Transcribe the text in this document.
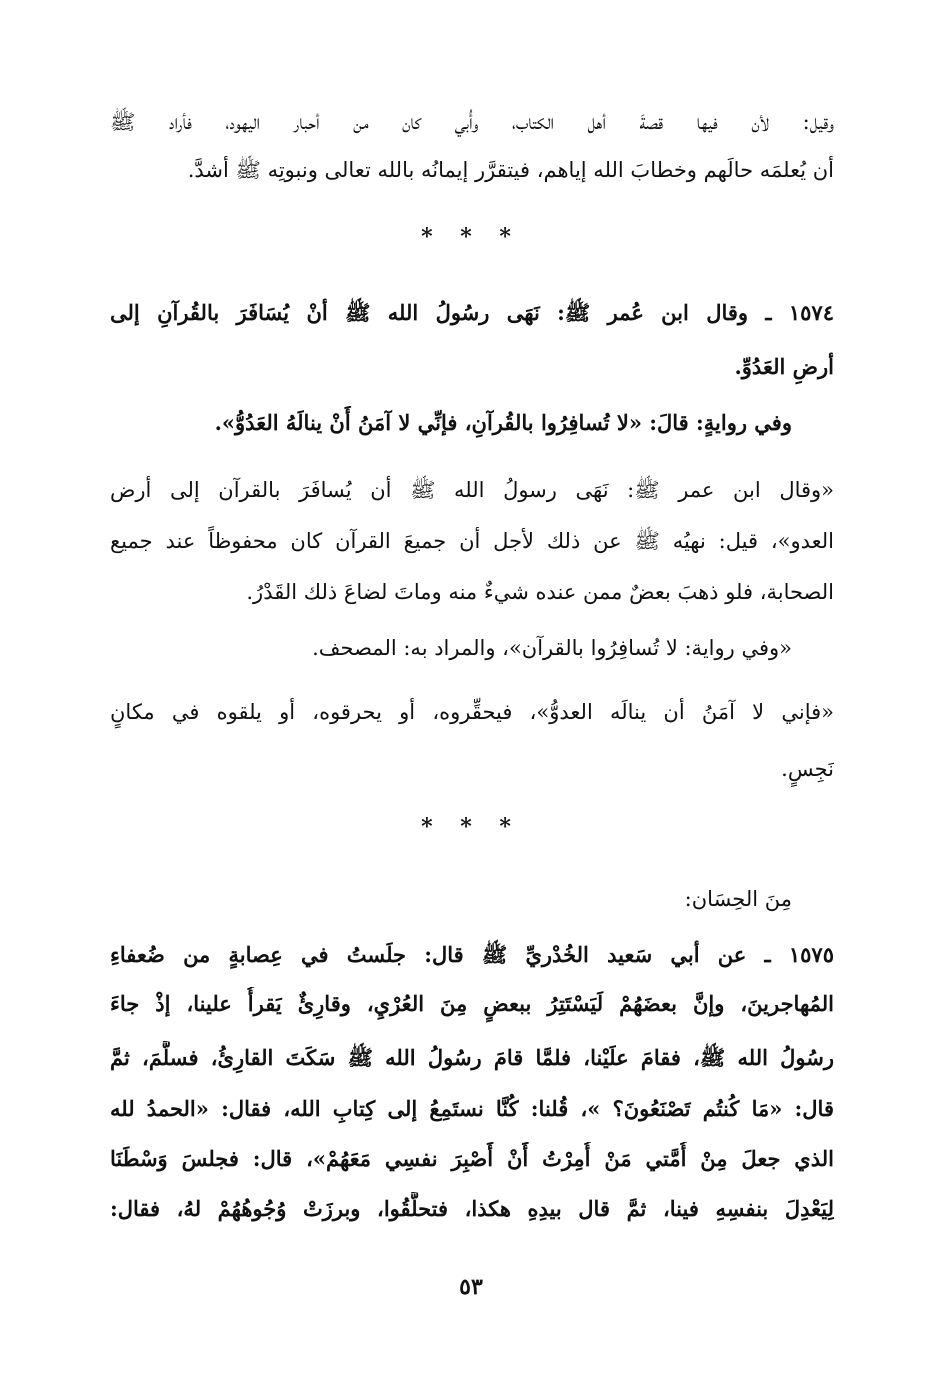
وقيل: لأن فيها قصةَ أهل الكتاب، وأُبي كان من أحبار اليهود، فأراد ﷺ
أن يُعلمَه حالَهم وخطابَ الله إياهم، فيتقرَّر إيمانُه بالله تعالى ونبوتِه ﷺ أشدَّ.
* * *
١٥٧٤ ـ وقال ابن عُمر ﷺ: نَهَى رسُولُ الله ﷺ أنْ يُسَافَرَ بالقُرآنِ إلى
أرضِ العَدُوِّ.
وفي روايةٍ: قالَ: «لا تُسافِرُوا بالقُرآنِ، فإنِّي لا آمَنُ أَنْ ينالَهُ العَدُوُّ».
«وقال ابن عمر ﷺ: نَهَى رسولُ الله ﷺ أن يُسافَرَ بالقرآن إلى أرض
العدو»، قيل: نهيُه ﷺ عن ذلك لأجل أن جميعَ القرآن كان محفوظاً عند جميع
الصحابة، فلو ذهبَ بعضٌ ممن عنده شيءٌ منه وماتَ لضاعَ ذلك القَدْرُ.
«وفي رواية: لا تُسافِرُوا بالقرآن»، والمراد به: المصحف.
«فإني لا آمَنُ أن ينالَه العدوُّ»، فيحقِّروه، أو يحرقوه، أو يلقوه في مكانٍ
نَجِسٍ.
* * *
مِنَ الحِسَان:
١٥٧٥ ـ عن أبي سَعيد الخُدْريِّ ﷺ قال: جلَستُ في عِصابةٍ من ضُعفاءِ
المُهاجرينَ، وإنَّ بعضَهُمْ لَيَسْتَتِرُ ببعضٍ مِنَ العُرْيِ، وقارِئٌ يَقرأُ علينا، إذْ جاءَ
رسُولُ الله ﷺ، فقامَ علَيْنا، فلمَّا قامَ رسُولُ الله ﷺ سَكَتَ القارِئُ، فسلَّمَ، ثمَّ
قال: «مَا كُنتُم تَصْنَعُونَ؟ »، قُلنا: كُنَّا نستَمِعُ إلى كِتابِ الله، فقال: «الحمدُ لله
الذي جعلَ مِنْ أُمَّتي مَنْ أُمِرْتُ أَنْ أَصْبِرَ نفسِي مَعَهُمْ»، قال: فجلسَ وَسْطَنَا
لِيَعْدِلَ بنفسِهِ فينا، ثمَّ قال بيدِهِ هكذا، فتحلَّقُوا، وبرزَتْ وُجُوهُهُمْ لهُ، فقال:
٥٣
